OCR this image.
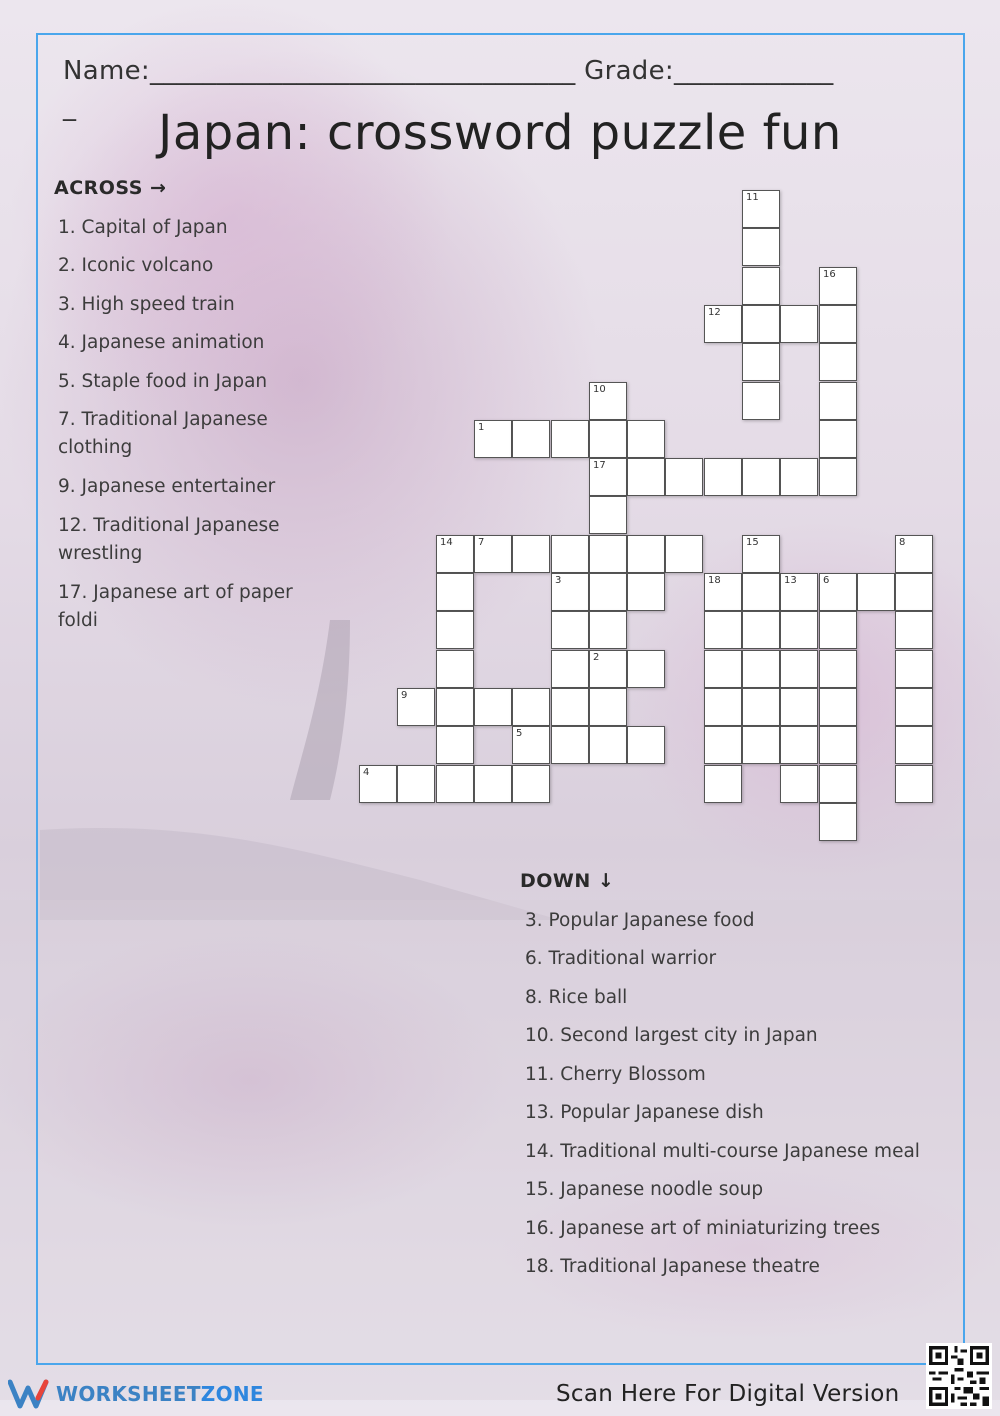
Name:________________________________ Grade:____________
_	Japan: crossword puzzle fun
ACROSS →
1. Capital of Japan
2. Iconic volcano
3. High speed train
4. Japanese animation
5. Staple food in Japan
7. Traditional Japanese clothing
9. Japanese entertainer
12. Traditional Japanese wrestling
17. Japanese art of paper foldi
DOWN ↓
3. Popular Japanese food
6. Traditional warrior
8. Rice ball
10. Second largest city in Japan
11. Cherry Blossom
13. Popular Japanese dish
14. Traditional multi-course Japanese meal
15. Japanese noodle soup
16. Japanese art of miniaturizing trees
18. Traditional Japanese theatre
11
16
12
10
1
17
14	7	15	8
3	18	13	6
2
9
5
4
WORKSHEETZONE	Scan Here For Digital Version
